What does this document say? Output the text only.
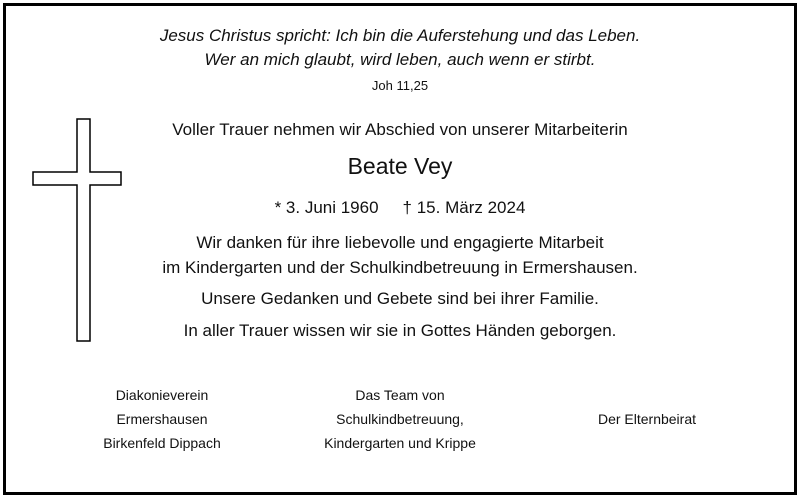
Jesus Christus spricht: Ich bin die Auferstehung und das Leben.
Wer an mich glaubt, wird leben, auch wenn er stirbt.
Joh 11,25
Voller Trauer nehmen wir Abschied von unserer Mitarbeiterin
Beate Vey
* 3. Juni 1960 † 15. März 2024
Wir danken für ihre liebevolle und engagierte Mitarbeit
im Kindergarten und der Schulkindbetreuung in Ermershausen.
Unsere Gedanken und Gebete sind bei ihrer Familie.
In aller Trauer wissen wir sie in Gottes Händen geborgen.
Diakonieverein
Ermershausen
Birkenfeld Dippach
Das Team von
Schulkindbetreuung,
Kindergarten und Krippe
Der Elternbeirat
